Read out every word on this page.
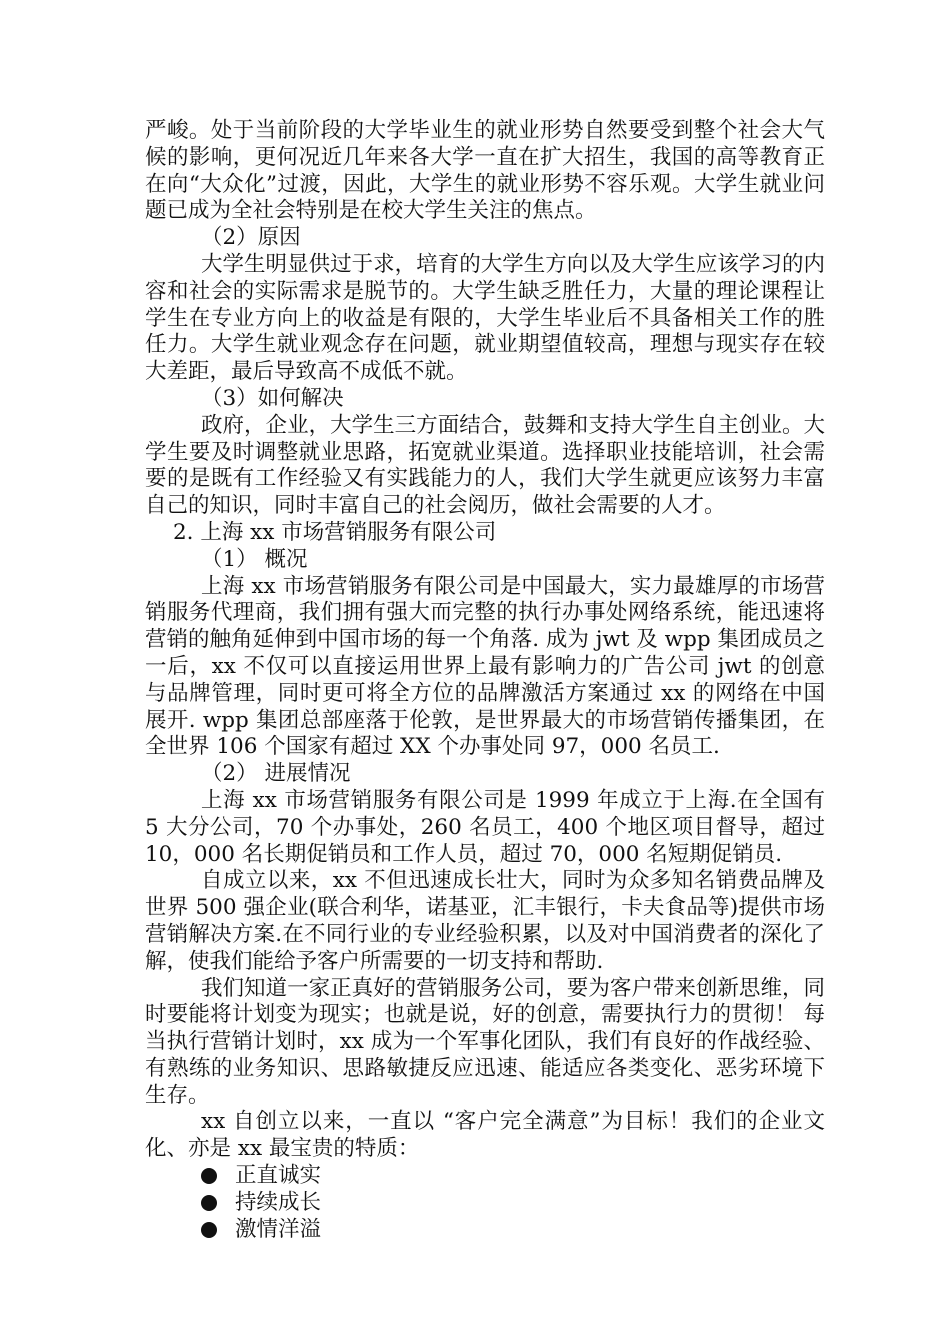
严峻。处于当前阶段的大学毕业生的就业形势自然要受到整个社会大气候的影响，更何况近几年来各大学一直在扩大招生，我国的高等教育正在向“大众化”过渡，因此，大学生的就业形势不容乐观。大学生就业问题已成为全社会特别是在校大学生关注的焦点。

（2）原因

大学生明显供过于求，培育的大学生方向以及大学生应该学习的内容和社会的实际需求是脱节的。大学生缺乏胜任力，大量的理论课程让学生在专业方向上的收益是有限的，大学生毕业后不具备相关工作的胜任力。大学生就业观念存在问题，就业期望值较高，理想与现实存在较大差距，最后导致高不成低不就。

（3）如何解决

政府，企业，大学生三方面结合，鼓舞和支持大学生自主创业。大学生要及时调整就业思路，拓宽就业渠道。选择职业技能培训，社会需要的是既有工作经验又有实践能力的人，我们大学生就更应该努力丰富自己的知识，同时丰富自己的社会阅历，做社会需要的人才。

2. 上海 xx 市场营销服务有限公司

（1） 概况

上海 xx 市场营销服务有限公司是中国最大，实力最雄厚的市场营销服务代理商，我们拥有强大而完整的执行办事处网络系统，能迅速将营销的触角延伸到中国市场的每一个角落. 成为 jwt 及 wpp 集团成员之一后，xx 不仅可以直接运用世界上最有影响力的广告公司 jwt 的创意与品牌管理，同时更可将全方位的品牌激活方案通过 xx 的网络在中国展开. wpp 集团总部座落于伦敦，是世界最大的市场营销传播集团，在全世界 106 个国家有超过 XX 个办事处同 97，000 名员工.

（2） 进展情况

上海 xx 市场营销服务有限公司是 1999 年成立于上海.在全国有 5 大分公司，70 个办事处，260 名员工，400 个地区项目督导，超过 10，000 名长期促销员和工作人员，超过 70，000 名短期促销员.

自成立以来，xx 不但迅速成长壮大，同时为众多知名销费品牌及世界 500 强企业(联合利华，诺基亚，汇丰银行，卡夫食品等)提供市场营销解决方案.在不同行业的专业经验积累，以及对中国消费者的深化了解，使我们能给予客户所需要的一切支持和帮助.

我们知道一家正真好的营销服务公司，要为客户带来创新思维，同时要能将计划变为现实；也就是说，好的创意，需要执行力的贯彻！ 每当执行营销计划时，xx 成为一个军事化团队，我们有良好的作战经验、有熟练的业务知识、思路敏捷反应迅速、能适应各类变化、恶劣环境下生存。

xx 自创立以来，一直以 “客户完全满意”为目标！我们的企业文化、亦是 xx 最宝贵的特质：

正直诚实
持续成长
激情洋溢
